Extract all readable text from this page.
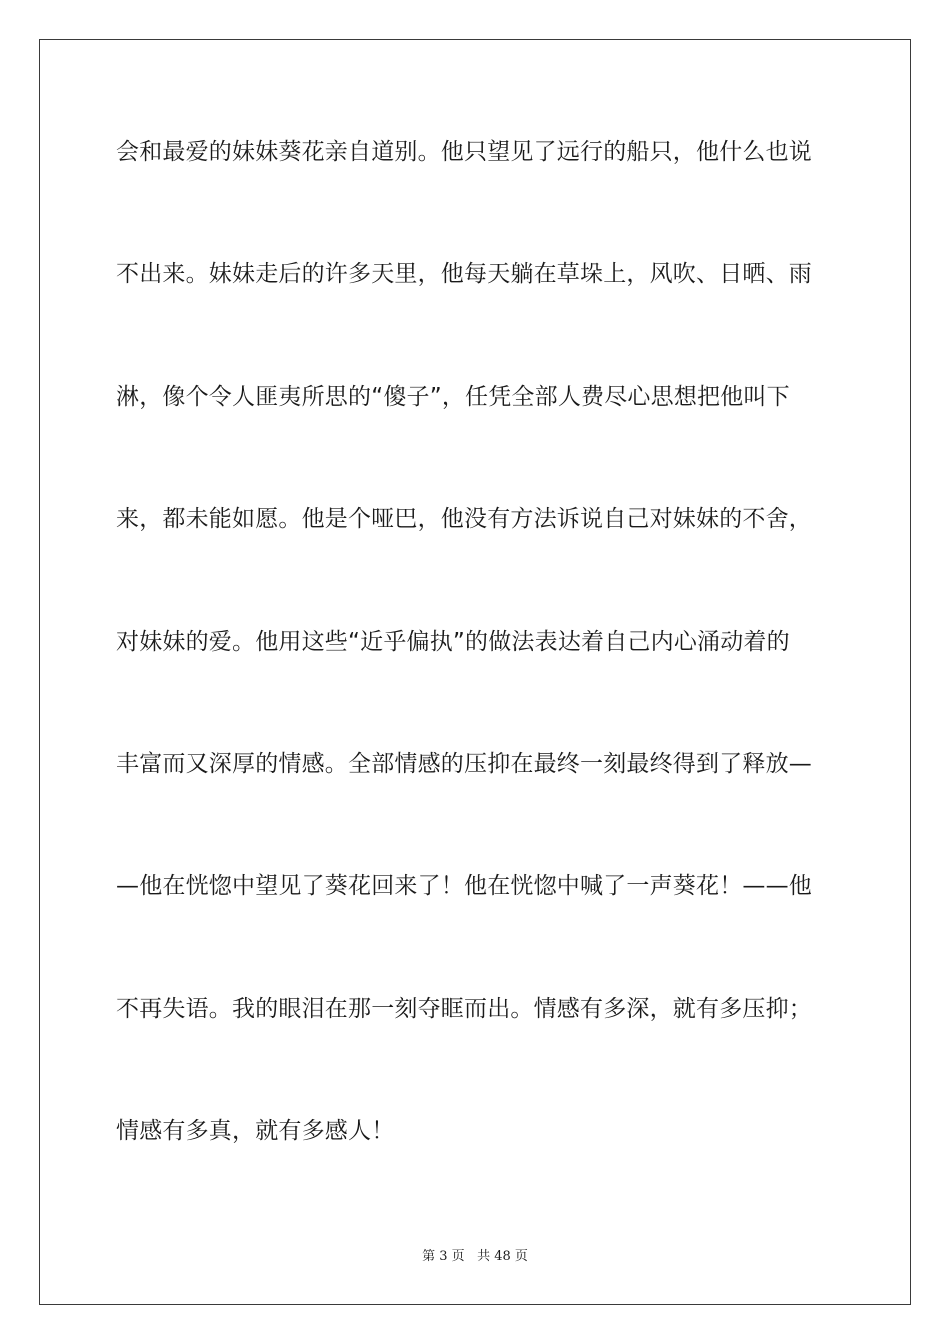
会和最爱的妹妹葵花亲自道别。他只望见了远行的船只，他什么也说

不出来。妹妹走后的许多天里，他每天躺在草垛上，风吹、日晒、雨

淋，像个令人匪夷所思的“傻子”，任凭全部人费尽心思想把他叫下

来，都未能如愿。他是个哑巴，他没有方法诉说自己对妹妹的不舍，

对妹妹的爱。他用这些“近乎偏执”的做法表达着自己内心涌动着的

丰富而又深厚的情感。全部情感的压抑在最终一刻最终得到了释放—

—他在恍惚中望见了葵花回来了！他在恍惚中喊了一声葵花！——他

不再失语。我的眼泪在那一刻夺眶而出。情感有多深，就有多压抑；

情感有多真，就有多感人！

第 3 页 共 48 页
